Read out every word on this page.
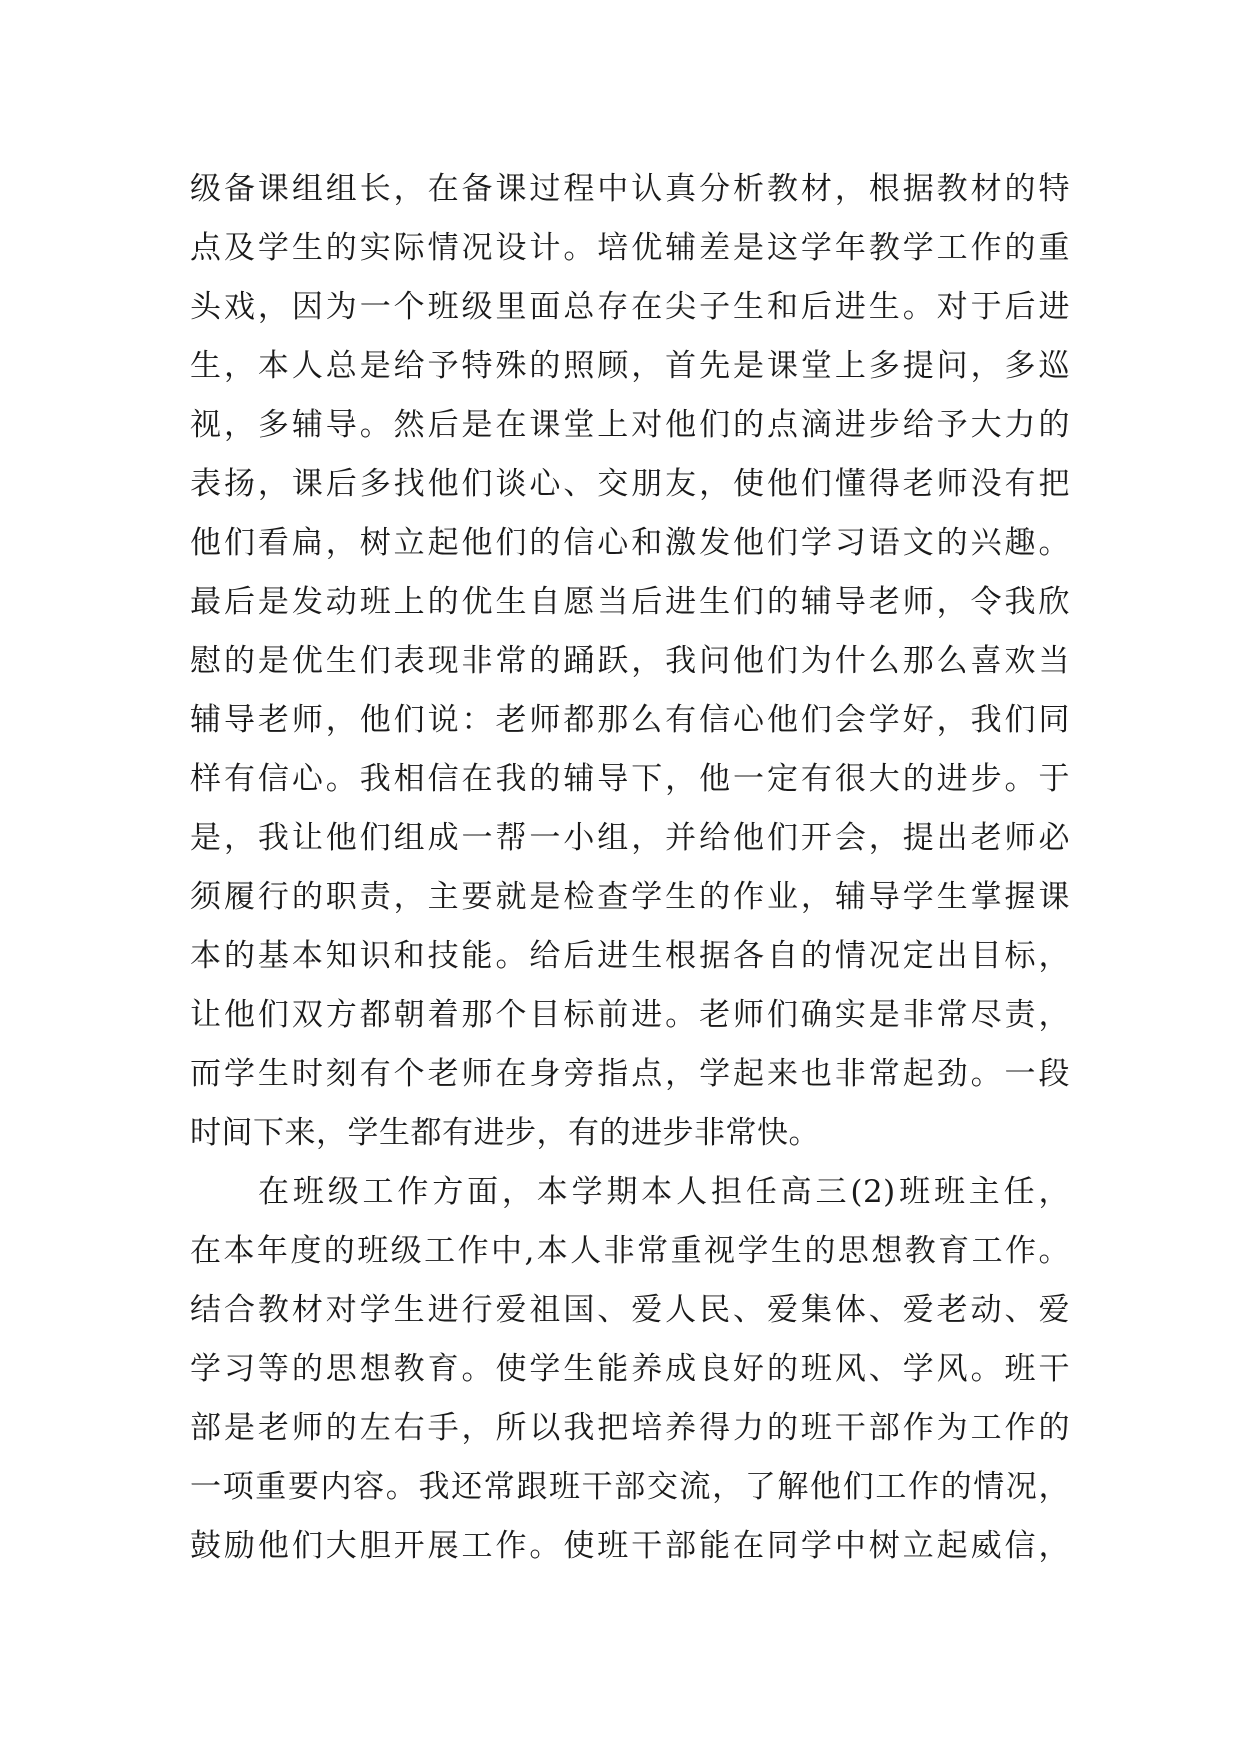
级备课组组长，在备课过程中认真分析教材，根据教材的特
点及学生的实际情况设计。培优辅差是这学年教学工作的重
头戏，因为一个班级里面总存在尖子生和后进生。对于后进
生，本人总是给予特殊的照顾，首先是课堂上多提问，多巡
视，多辅导。然后是在课堂上对他们的点滴进步给予大力的
表扬，课后多找他们谈心、交朋友，使他们懂得老师没有把
他们看扁，树立起他们的信心和激发他们学习语文的兴趣。
最后是发动班上的优生自愿当后进生们的辅导老师，令我欣
慰的是优生们表现非常的踊跃，我问他们为什么那么喜欢当
辅导老师，他们说：老师都那么有信心他们会学好，我们同
样有信心。我相信在我的辅导下，他一定有很大的进步。于
是，我让他们组成一帮一小组，并给他们开会，提出老师必
须履行的职责，主要就是检查学生的作业，辅导学生掌握课
本的基本知识和技能。给后进生根据各自的情况定出目标，
让他们双方都朝着那个目标前进。老师们确实是非常尽责，
而学生时刻有个老师在身旁指点，学起来也非常起劲。一段
时间下来，学生都有进步，有的进步非常快。
在班级工作方面，本学期本人担任高三(2)班班主任，
在本年度的班级工作中,本人非常重视学生的思想教育工作。
结合教材对学生进行爱祖国、爱人民、爱集体、爱老动、爱
学习等的思想教育。使学生能养成良好的班风、学风。班干
部是老师的左右手，所以我把培养得力的班干部作为工作的
一项重要内容。我还常跟班干部交流，了解他们工作的情况，
鼓励他们大胆开展工作。使班干部能在同学中树立起威信，
